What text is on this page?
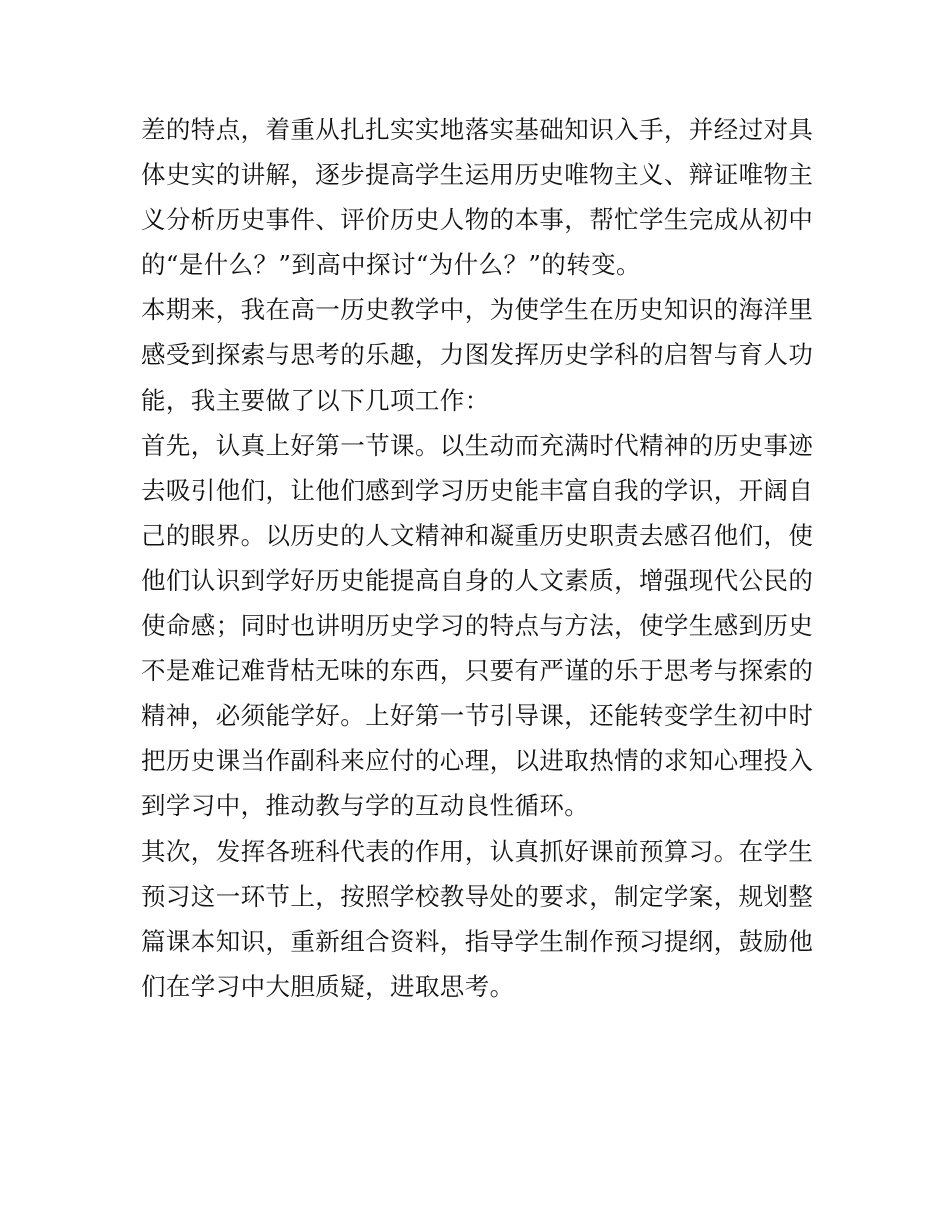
差的特点，着重从扎扎实实地落实基础知识入手，并经过对具
体史实的讲解，逐步提高学生运用历史唯物主义、辩证唯物主
义分析历史事件、评价历史人物的本事，帮忙学生完成从初中
的“是什么？”到高中探讨“为什么？”的转变。
本期来，我在高一历史教学中，为使学生在历史知识的海洋里
感受到探索与思考的乐趣，力图发挥历史学科的启智与育人功
能，我主要做了以下几项工作：
首先，认真上好第一节课。以生动而充满时代精神的历史事迹
去吸引他们，让他们感到学习历史能丰富自我的学识，开阔自
己的眼界。以历史的人文精神和凝重历史职责去感召他们，使
他们认识到学好历史能提高自身的人文素质，增强现代公民的
使命感；同时也讲明历史学习的特点与方法，使学生感到历史
不是难记难背枯无味的东西，只要有严谨的乐于思考与探索的
精神，必须能学好。上好第一节引导课，还能转变学生初中时
把历史课当作副科来应付的心理，以进取热情的求知心理投入
到学习中，推动教与学的互动良性循环。
其次，发挥各班科代表的作用，认真抓好课前预算习。在学生
预习这一环节上，按照学校教导处的要求，制定学案，规划整
篇课本知识，重新组合资料，指导学生制作预习提纲，鼓励他
们在学习中大胆质疑，进取思考。
